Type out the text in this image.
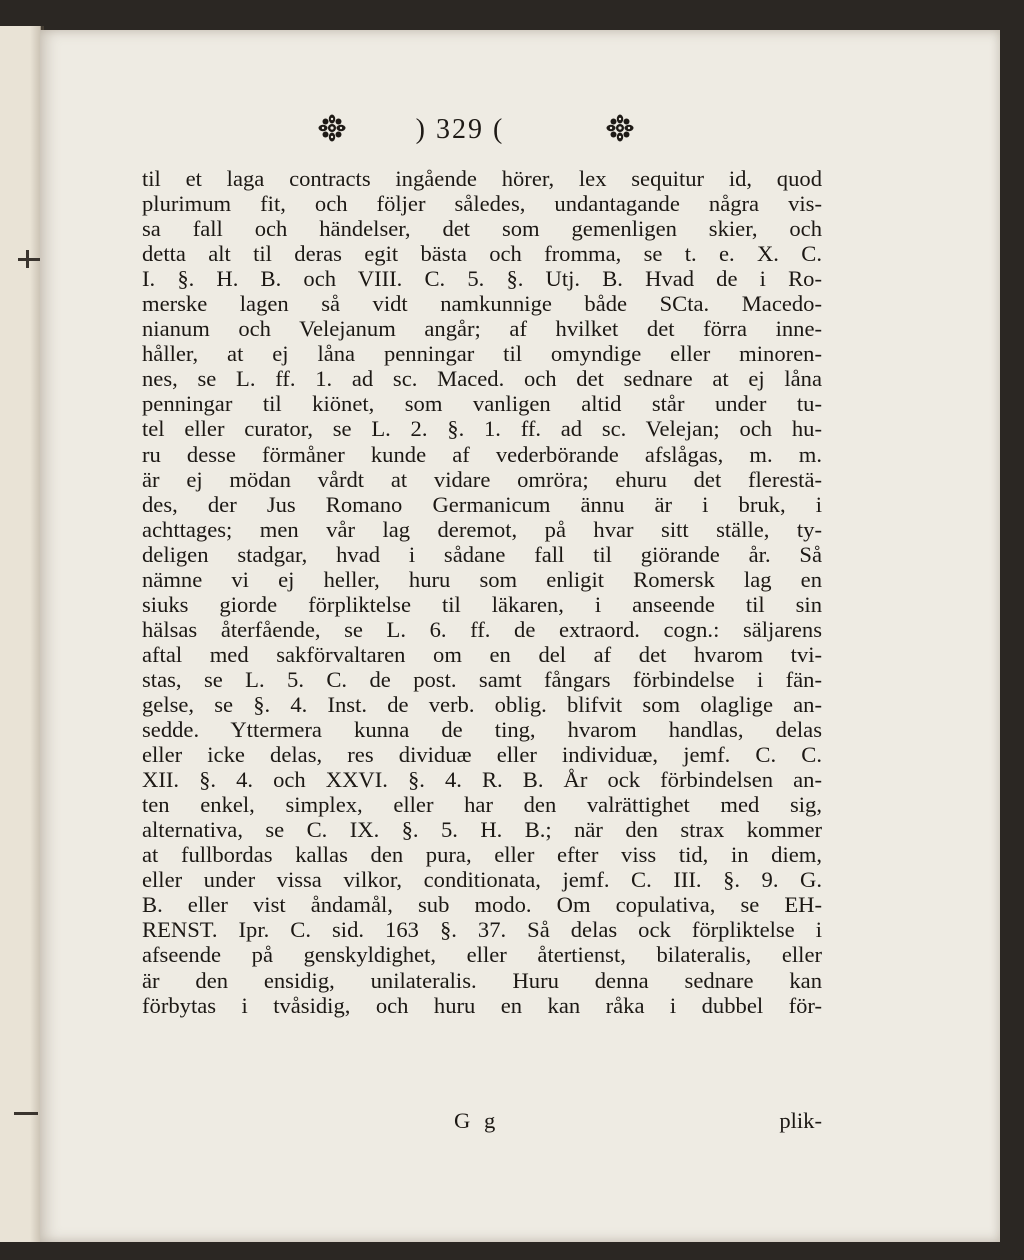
) 329 (
til et laga contracts ingående hörer, lex sequitur id, quod
plurimum fit, och följer således, undantagande några vis-
sa fall och händelser, det som gemenligen skier, och
detta alt til deras egit bästa och fromma, se t. e. X. C.
I. §. H. B. och VIII. C. 5. §. Utj. B. Hvad de i Ro-
merske lagen så vidt namkunnige både SCta. Macedo-
nianum och Velejanum angår; af hvilket det förra inne-
håller, at ej låna penningar til omyndige eller minoren-
nes, se L. ff. 1. ad sc. Maced. och det sednare at ej låna
penningar til kiönet, som vanligen altid står under tu-
tel eller curator, se L. 2. §. 1. ff. ad sc. Velejan; och hu-
ru desse förmåner kunde af vederbörande afslågas, m. m.
är ej mödan vårdt at vidare omröra; ehuru det flerestä-
des, der Jus Romano Germanicum ännu är i bruk, i
achttages; men vår lag deremot, på hvar sitt ställe, ty-
deligen stadgar, hvad i sådane fall til giörande år. Så
nämne vi ej heller, huru som enligit Romersk lag en
siuks giorde förpliktelse til läkaren, i anseende til sin
hälsas återfående, se L. 6. ff. de extraord. cogn.: säljarens
aftal med sakförvaltaren om en del af det hvarom tvi-
stas, se L. 5. C. de post. samt fångars förbindelse i fän-
gelse, se §. 4. Inst. de verb. oblig. blifvit som olaglige an-
sedde. Yttermera kunna de ting, hvarom handlas, delas
eller icke delas, res dividuæ eller individuæ, jemf. C. C.
XII. §. 4. och XXVI. §. 4. R. B. År ock förbindelsen an-
ten enkel, simplex, eller har den valrättighet med sig,
alternativa, se C. IX. §. 5. H. B.; när den strax kommer
at fullbordas kallas den pura, eller efter viss tid, in diem,
eller under vissa vilkor, conditionata, jemf. C. III. §. 9. G.
B. eller vist åndamål, sub modo. Om copulativa, se EH-
RENST. Ipr. C. sid. 163 §. 37. Så delas ock förpliktelse i
afseende på genskyldighet, eller återtienst, bilateralis, eller
är den ensidig, unilateralis. Huru denna sednare kan
förbytas i tvåsidig, och huru en kan råka i dubbel för-
G g	plik-
